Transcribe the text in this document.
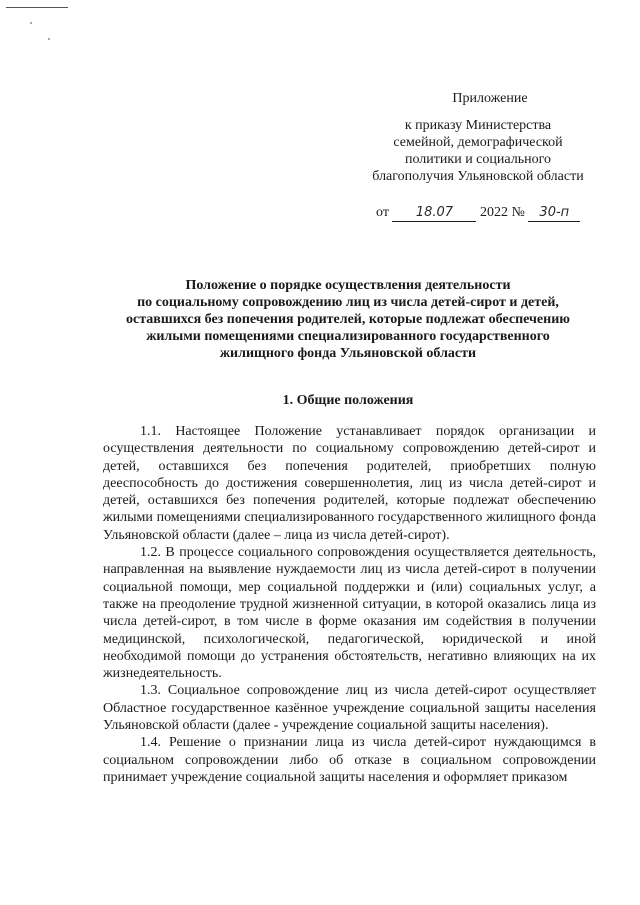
Приложение
к приказу Министерства
семейной, демографической
политики и социального
благополучия Ульяновской области
от 18.07 2022 № 30-п
Положение о порядке осуществления деятельности
по социальному сопровождению лиц из числа детей-сирот и детей,
оставшихся без попечения родителей, которые подлежат обеспечению
жилыми помещениями специализированного государственного
жилищного фонда Ульяновской области
1. Общие положения

1.1. Настоящее Положение устанавливает порядок организации и осуществления деятельности по социальному сопровождению детей-сирот и детей, оставшихся без попечения родителей, приобретших полную дееспособность до достижения совершеннолетия, лиц из числа детей-сирот и детей, оставшихся без попечения родителей, которые подлежат обеспечению жилыми помещениями специализированного государственного жилищного фонда Ульяновской области (далее – лица из числа детей-сирот).

1.2. В процессе социального сопровождения осуществляется деятельность, направленная на выявление нуждаемости лиц из числа детей-сирот в получении социальной помощи, мер социальной поддержки и (или) социальных услуг, а также на преодоление трудной жизненной ситуации, в которой оказались лица из числа детей-сирот, в том числе в форме оказания им содействия в получении медицинской, психологической, педагогической, юридической и иной необходимой помощи до устранения обстоятельств, негативно влияющих на их жизнедеятельность.

1.3. Социальное сопровождение лиц из числа детей-сирот осуществляет Областное государственное казённое учреждение социальной защиты населения Ульяновской области (далее - учреждение социальной защиты населения).

1.4. Решение о признании лица из числа детей-сирот нуждающимся в социальном сопровождении либо об отказе в социальном сопровождении принимает учреждение социальной защиты населения и оформляет приказом
